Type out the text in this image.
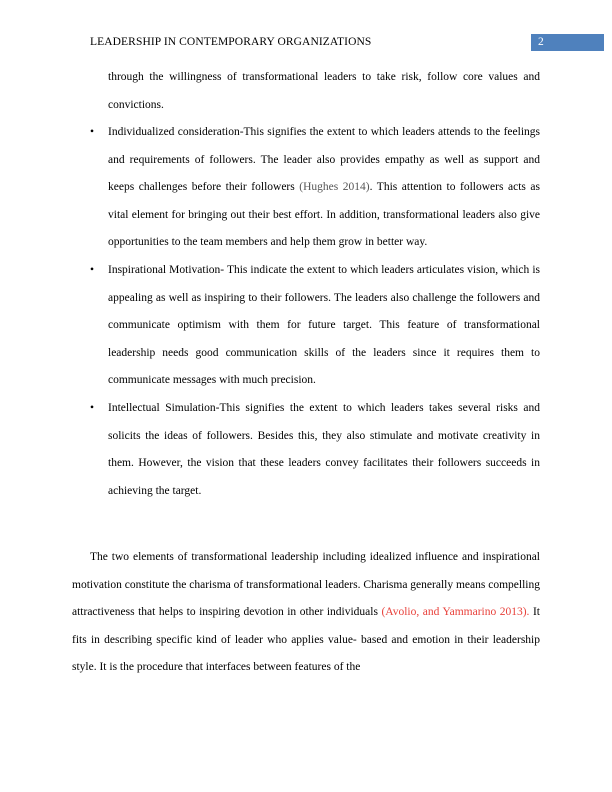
LEADERSHIP IN CONTEMPORARY ORGANIZATIONS	2
through the willingness of transformational leaders to take risk, follow core values and convictions.
• Individualized consideration-This signifies the extent to which leaders attends to the feelings and requirements of followers. The leader also provides empathy as well as support and keeps challenges before their followers (Hughes 2014). This attention to followers acts as vital element for bringing out their best effort. In addition, transformational leaders also give opportunities to the team members and help them grow in better way.
• Inspirational Motivation- This indicate the extent to which leaders articulates vision, which is appealing as well as inspiring to their followers. The leaders also challenge the followers and communicate optimism with them for future target. This feature of transformational leadership needs good communication skills of the leaders since it requires them to communicate messages with much precision.
• Intellectual Simulation-This signifies the extent to which leaders takes several risks and solicits the ideas of followers. Besides this, they also stimulate and motivate creativity in them. However, the vision that these leaders convey facilitates their followers succeeds in achieving the target.
The two elements of transformational leadership including idealized influence and inspirational motivation constitute the charisma of transformational leaders. Charisma generally means compelling attractiveness that helps to inspiring devotion in other individuals (Avolio, and Yammarino 2013). It fits in describing specific kind of leader who applies value- based and emotion in their leadership style. It is the procedure that interfaces between features of the
